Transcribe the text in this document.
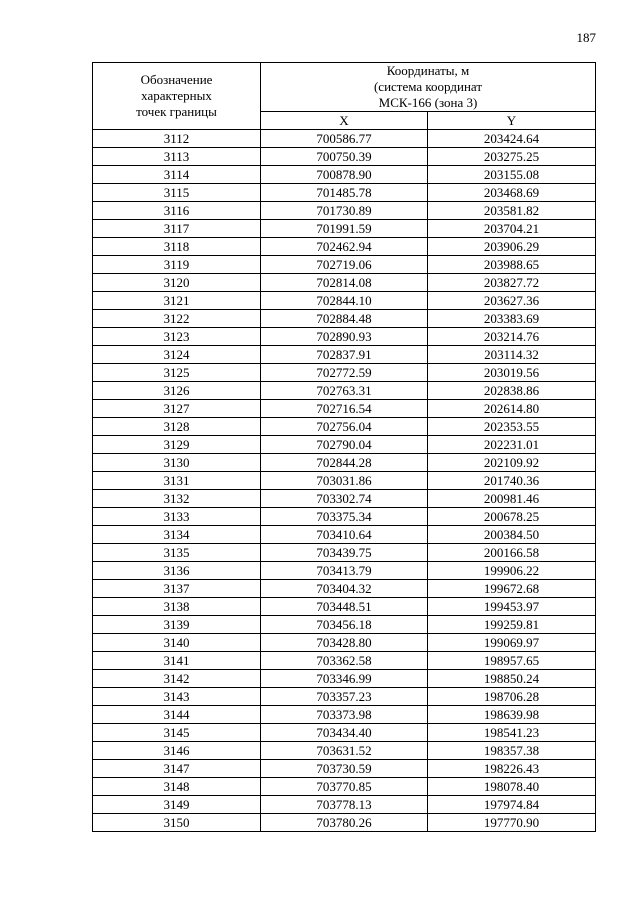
187
Обозначение
характерных
точек границы	Координаты, м
(система координат
МСК-166 (зона 3)	

	X	Y
3112	700586.77	203424.64
3113	700750.39	203275.25
3114	700878.90	203155.08
3115	701485.78	203468.69
3116	701730.89	203581.82
3117	701991.59	203704.21
3118	702462.94	203906.29
3119	702719.06	203988.65
3120	702814.08	203827.72
3121	702844.10	203627.36
3122	702884.48	203383.69
3123	702890.93	203214.76
3124	702837.91	203114.32
3125	702772.59	203019.56
3126	702763.31	202838.86
3127	702716.54	202614.80
3128	702756.04	202353.55
3129	702790.04	202231.01
3130	702844.28	202109.92
3131	703031.86	201740.36
3132	703302.74	200981.46
3133	703375.34	200678.25
3134	703410.64	200384.50
3135	703439.75	200166.58
3136	703413.79	199906.22
3137	703404.32	199672.68
3138	703448.51	199453.97
3139	703456.18	199259.81
3140	703428.80	199069.97
3141	703362.58	198957.65
3142	703346.99	198850.24
3143	703357.23	198706.28
3144	703373.98	198639.98
3145	703434.40	198541.23
3146	703631.52	198357.38
3147	703730.59	198226.43
3148	703770.85	198078.40
3149	703778.13	197974.84
3150	703780.26	197770.90
